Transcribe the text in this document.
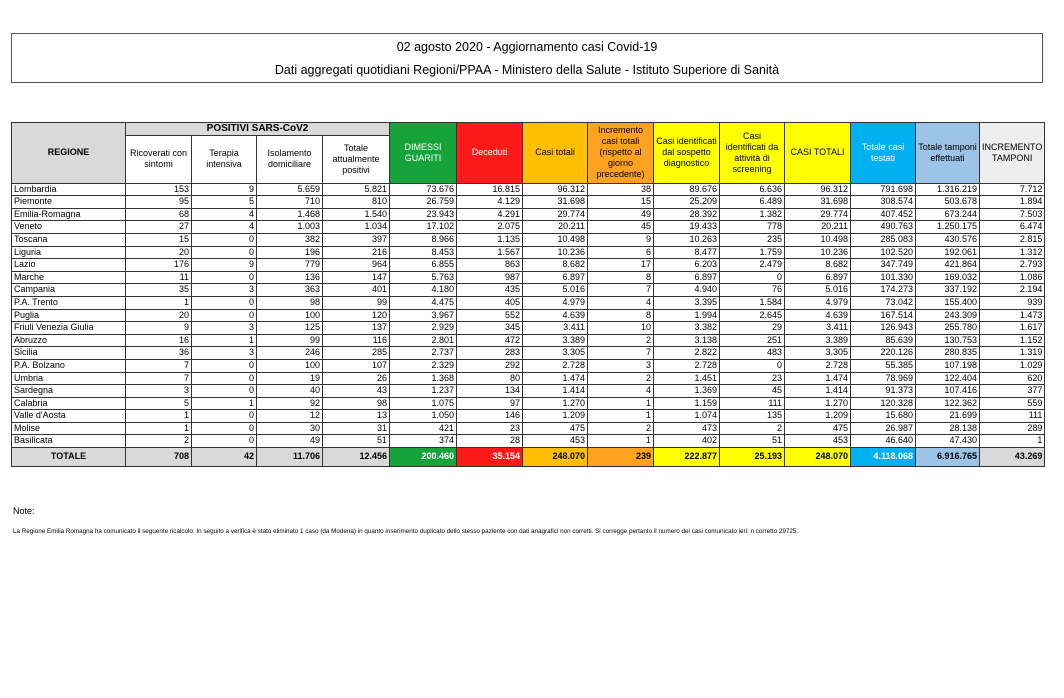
02 agosto 2020 - Aggiornamento casi Covid-19
Dati aggregati quotidiani Regioni/PPAA - Ministero della Salute - Istituto Superiore di Sanità
REGIONE	POSITIVI SARS-CoV2				DIMESSI GUARITI	Deceduti	Casi totali	Incremento casi totali (rispetto al giorno precedente)	Casi identificati dal sospetto diagnostico	Casi identificati da attività di screening	CASI TOTALI	Totale casi testati	Totale tamponi effettuati	INCREMENTO TAMPONI
	Ricoverati con sintomi	Terapia intensiva	Isolamento domiciliare	Totale attualmente positivi										
Lombardia	153	9	5.659	5.821	73.676	16.815	96.312	38	89.676	6.636	96.312	791.698	1.316.219	7.712
Piemonte	95	5	710	810	26.759	4.129	31.698	15	25.209	6.489	31.698	308.574	503.678	1.894
Emilia-Romagna	68	4	1.468	1.540	23.943	4.291	29.774	49	28.392	1.382	29.774	407.452	673.244	7.503
Veneto	27	4	1.003	1.034	17.102	2.075	20.211	45	19.433	778	20.211	490.763	1.250.175	6.474
Toscana	15	0	382	397	8.966	1.135	10.498	9	10.263	235	10.498	285.083	430.576	2.815
Liguria	20	0	196	216	8.453	1.567	10.236	6	8.477	1.759	10.236	102.520	192.061	1.312
Lazio	176	9	779	964	6.855	863	8.682	17	6.203	2.479	8.682	347.749	421.864	2.793
Marche	11	0	136	147	5.763	987	6.897	8	6.897	0	6.897	101.330	169.032	1.086
Campania	35	3	363	401	4.180	435	5.016	7	4.940	76	5.016	174.273	337.192	2.194
P.A. Trento	1	0	98	99	4.475	405	4.979	4	3.395	1.584	4.979	73.042	155.400	939
Puglia	20	0	100	120	3.967	552	4.639	8	1.994	2.645	4.639	167.514	243.309	1.473
Friuli Venezia Giulia	9	3	125	137	2.929	345	3.411	10	3.382	29	3.411	126.943	255.780	1.617
Abruzzo	16	1	99	116	2.801	472	3.389	2	3.138	251	3.389	85.639	130.753	1.152
Sicilia	36	3	246	285	2.737	283	3.305	7	2.822	483	3.305	220.126	280.835	1.319
P.A. Bolzano	7	0	100	107	2.329	292	2.728	3	2.728	0	2.728	55.385	107.198	1.029
Umbria	7	0	19	26	1.368	80	1.474	2	1.451	23	1.474	78.969	122.404	620
Sardegna	3	0	40	43	1.237	134	1.414	4	1.369	45	1.414	91.373	107.416	377
Calabria	5	1	92	98	1.075	97	1.270	1	1.159	111	1.270	120.328	122.362	559
Valle d'Aosta	1	0	12	13	1.050	146	1.209	1	1.074	135	1.209	15.680	21.699	111
Molise	1	0	30	31	421	23	475	2	473	2	475	26.987	28.138	289
Basilicata	2	0	49	51	374	28	453	1	402	51	453	46.640	47.430	1
TOTALE	708	42	11.706	12.456	200.460	35.154	248.070	239	222.877	25.193	248.070	4.118.068	6.916.765	43.269
Note:
La Regione Emilia Romagna ha comunicato il seguente ricalcolo: In seguito a verifica è stato eliminato 1 caso (da Modena) in quanto inserimento duplicato dello stesso paziente con dati anagrafici non corretti. Si corregge pertanto il numero dei casi comunicato ieri: n corretto 29725.
